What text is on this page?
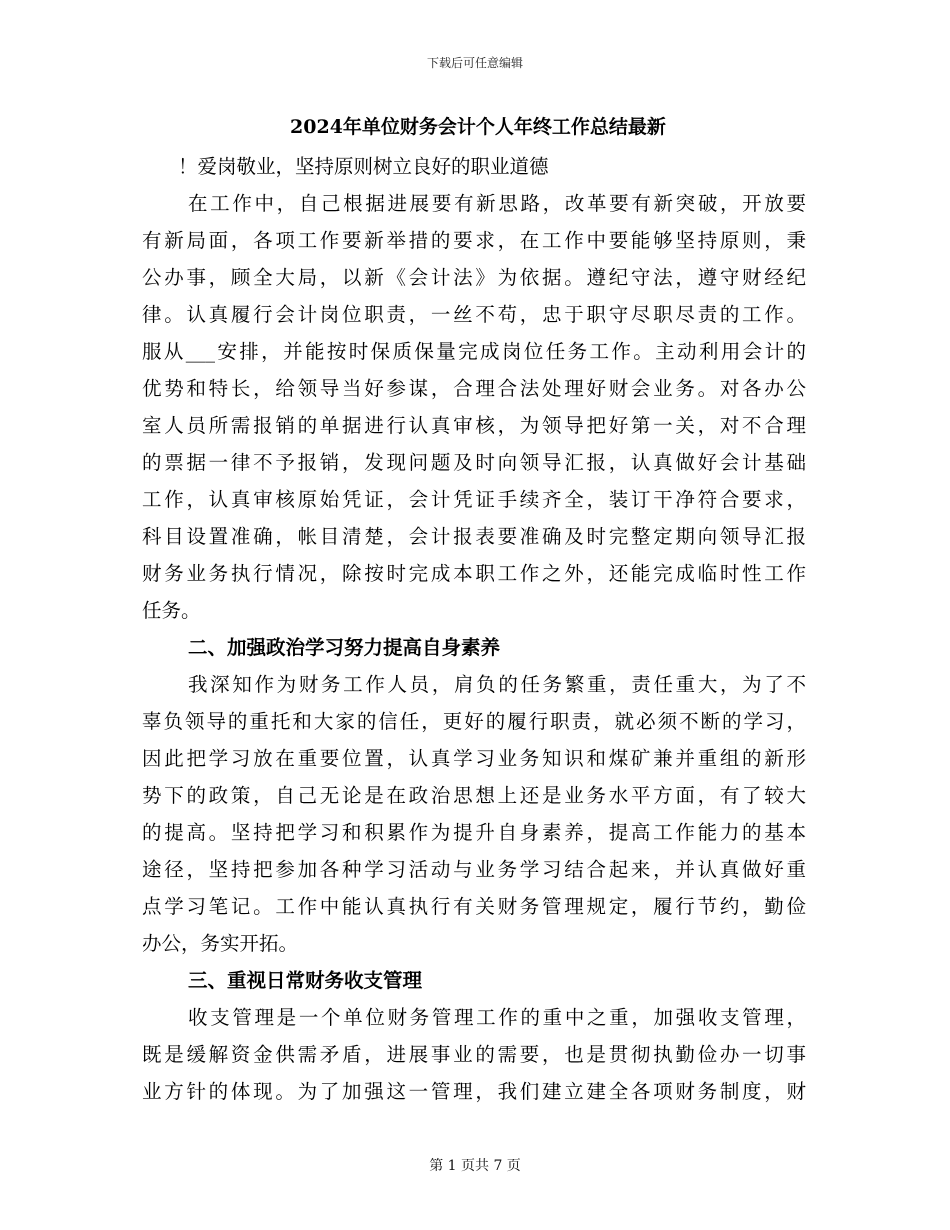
下载后可任意编辑
2024年单位财务会计个人年终工作总结最新
！爱岗敬业，坚持原则树立良好的职业道德

在工作中，自己根据进展要有新思路，改革要有新突破，开放要

有新局面，各项工作要新举措的要求，在工作中要能够坚持原则，秉

公办事，顾全大局，以新《会计法》为依据。遵纪守法，遵守财经纪

律。认真履行会计岗位职责，一丝不苟，忠于职守尽职尽责的工作。

服从___安排，并能按时保质保量完成岗位任务工作。主动利用会计的

优势和特长，给领导当好参谋，合理合法处理好财会业务。对各办公

室人员所需报销的单据进行认真审核，为领导把好第一关，对不合理

的票据一律不予报销，发现问题及时向领导汇报，认真做好会计基础

工作，认真审核原始凭证，会计凭证手续齐全，装订干净符合要求，

科目设置准确，帐目清楚，会计报表要准确及时完整定期向领导汇报

财务业务执行情况，除按时完成本职工作之外，还能完成临时性工作

任务。

二、加强政治学习努力提高自身素养

我深知作为财务工作人员，肩负的任务繁重，责任重大，为了不

辜负领导的重托和大家的信任，更好的履行职责，就必须不断的学习，

因此把学习放在重要位置，认真学习业务知识和煤矿兼并重组的新形

势下的政策，自己无论是在政治思想上还是业务水平方面，有了较大

的提高。坚持把学习和积累作为提升自身素养，提高工作能力的基本

途径，坚持把参加各种学习活动与业务学习结合起来，并认真做好重

点学习笔记。工作中能认真执行有关财务管理规定，履行节约，勤俭

办公，务实开拓。

三、重视日常财务收支管理

收支管理是一个单位财务管理工作的重中之重，加强收支管理，

既是缓解资金供需矛盾，进展事业的需要，也是贯彻执勤俭办一切事

业方针的体现。为了加强这一管理，我们建立建全各项财务制度，财

第 1 页共 7 页
